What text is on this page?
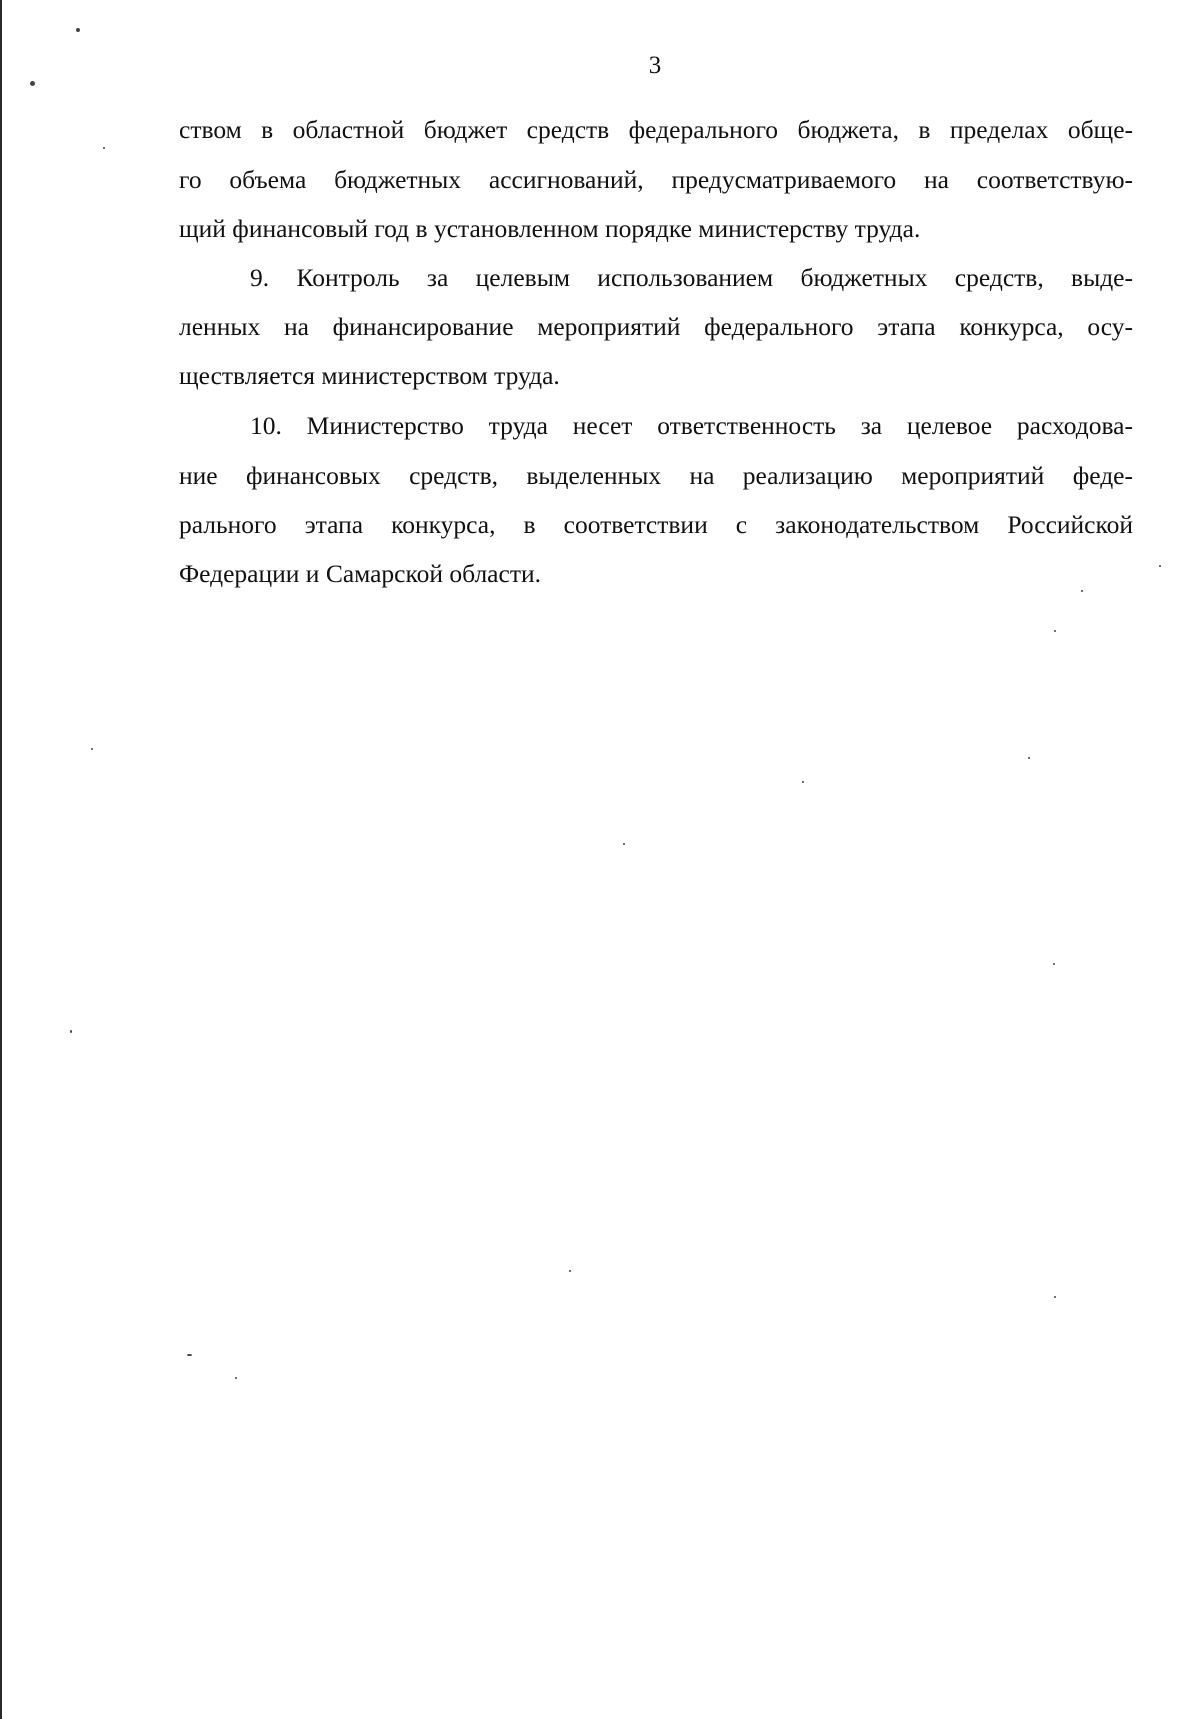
3
ством в областной бюджет средств федерального бюджета, в пределах обще-
го объема бюджетных ассигнований, предусматриваемого на соответствую-
щий финансовый год в установленном порядке министерству труда.
9. Контроль за целевым использованием бюджетных средств, выде-
ленных на финансирование мероприятий федерального этапа конкурса, осу-
ществляется министерством труда.
10. Министерство труда несет ответственность за целевое расходова-
ние финансовых средств, выделенных на реализацию мероприятий феде-
рального этапа конкурса, в соответствии с законодательством Российской
Федерации и Самарской области.
